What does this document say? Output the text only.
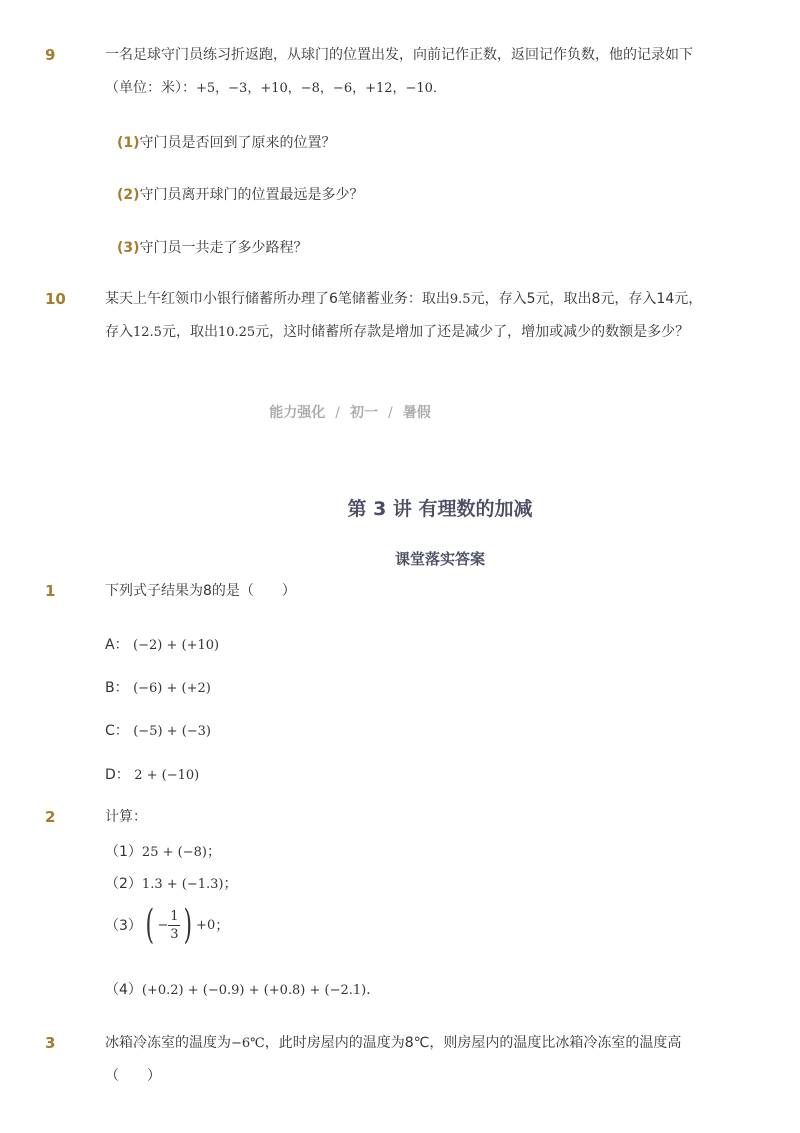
9	一名足球守门员练习折返跑，从球门的位置出发，向前记作正数，返回记作负数，他的记录如下
（单位：米）：+5，−3，+10，−8，−6，+12，−10．
(1)守门员是否回到了原来的位置？
(2)守门员离开球门的位置最远是多少？
(3)守门员一共走了多少路程？
10	某天上午红领巾小银行储蓄所办理了6笔储蓄业务：取出9.5元，存入5元，取出8元，存入14元，
存入12.5元，取出10.25元，这时储蓄所存款是增加了还是减少了，增加或减少的数额是多少？
能力强化 / 初一 / 暑假
第 3 讲 有理数的加减
课堂落实答案
1	下列式子结果为8的是（　　）
A： (−2) + (+10)
B： (−6) + (+2)
C： (−5) + (−3)
D： 2 + (−10)
2	计算：
（1）25 + (−8)；
（2）1.3 + (−1.3)；
（3） ( − $\frac{1}{3}$ ) +0 ；
（4）(+0.2) + (−0.9) + (+0.8) + (−2.1)．
3	冰箱冷冻室的温度为−6℃，此时房屋内的温度为8℃，则房屋内的温度比冰箱冷冻室的温度高
（　　）
